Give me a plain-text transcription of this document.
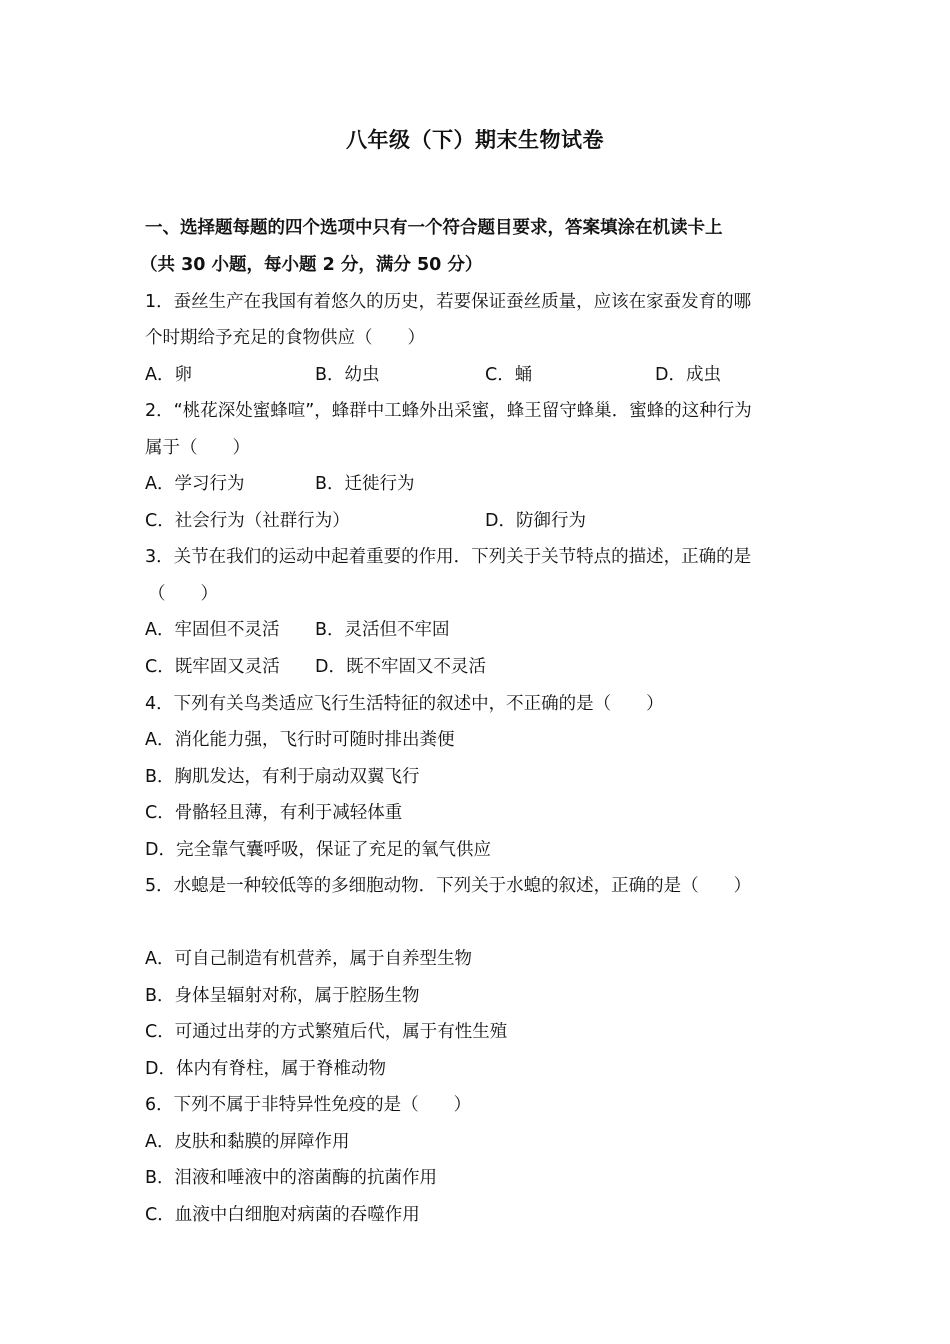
八年级（下）期末生物试卷
一、选择题每题的四个选项中只有一个符合题目要求，答案填涂在机读卡上
（共 30 小题，每小题 2 分，满分 50 分）
1．蚕丝生产在我国有着悠久的历史，若要保证蚕丝质量，应该在家蚕发育的哪
个时期给予充足的食物供应（　　）
A．卵	B．幼虫	C．蛹	D．成虫
2．“桃花深处蜜蜂喧”，蜂群中工蜂外出采蜜，蜂王留守蜂巢．蜜蜂的这种行为
属于（　　）
A．学习行为	B．迁徙行为
C．社会行为（社群行为）	D．防御行为
3．关节在我们的运动中起着重要的作用．下列关于关节特点的描述，正确的是
（　　）
A．牢固但不灵活 B．灵活但不牢固
C．既牢固又灵活 D．既不牢固又不灵活
4．下列有关鸟类适应飞行生活特征的叙述中，不正确的是（　　）
A．消化能力强，飞行时可随时排出粪便
B．胸肌发达，有利于扇动双翼飞行
C．骨骼轻且薄，有利于减轻体重
D．完全靠气囊呼吸，保证了充足的氧气供应
5．水螅是一种较低等的多细胞动物．下列关于水螅的叙述，正确的是（　　）
A．可自己制造有机营养，属于自养型生物
B．身体呈辐射对称，属于腔肠生物
C．可通过出芽的方式繁殖后代，属于有性生殖
D．体内有脊柱，属于脊椎动物
6．下列不属于非特异性免疫的是（　　）
A．皮肤和黏膜的屏障作用
B．泪液和唾液中的溶菌酶的抗菌作用
C．血液中白细胞对病菌的吞噬作用
